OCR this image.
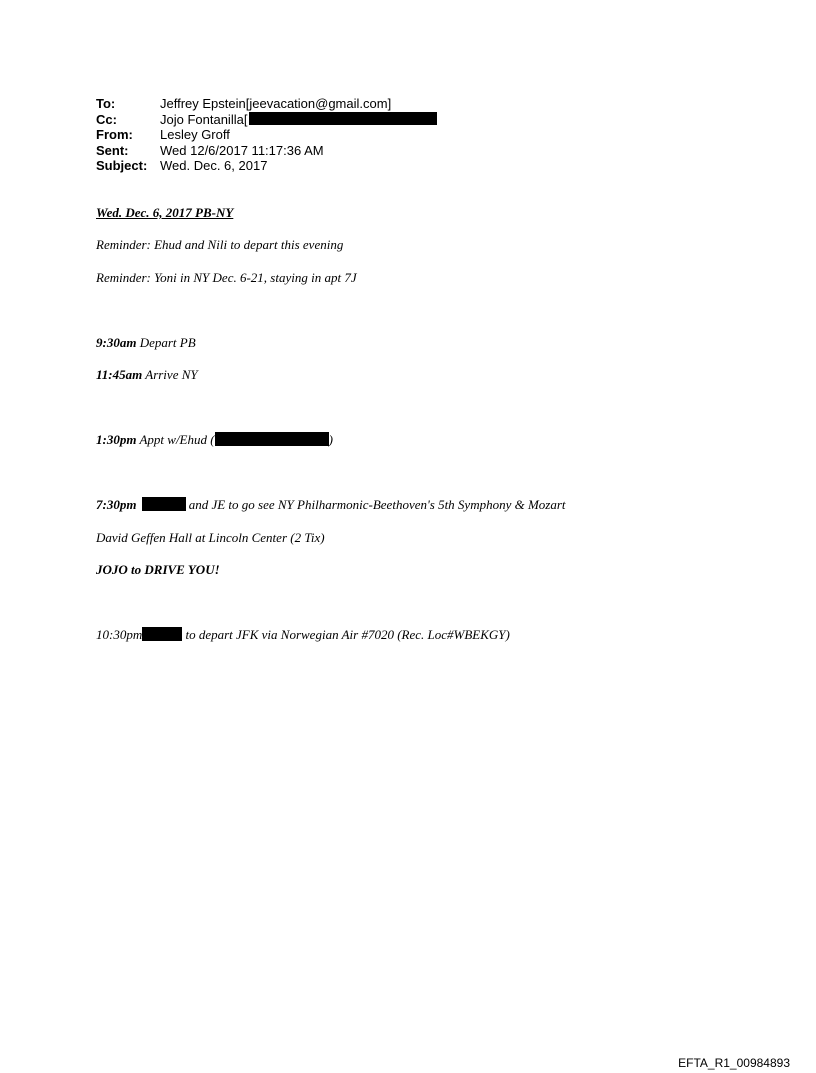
To:	Jeffrey Epstein[jeevacation@gmail.com]
Cc:	Jojo Fontanilla[
From:	Lesley Groff
Sent:	Wed 12/6/2017 11:17:36 AM
Subject: Wed. Dec. 6, 2017
Wed. Dec. 6, 2017 PB-NY
Reminder: Ehud and Nili to depart this evening
Reminder: Yoni in NY Dec. 6-21, staying in apt 7J
9:30am Depart PB
11:45am Arrive NY
1:30pm Appt w/Ehud (	)
7:30pm	and JE to go see NY Philharmonic-Beethoven's 5th Symphony & Mozart
David Geffen Hall at Lincoln Center (2 Tix)
JOJO to DRIVE YOU!
10:30pm	to depart JFK via Norwegian Air #7020 (Rec. Loc#WBEKGY)
EFTA_R1_00984893
